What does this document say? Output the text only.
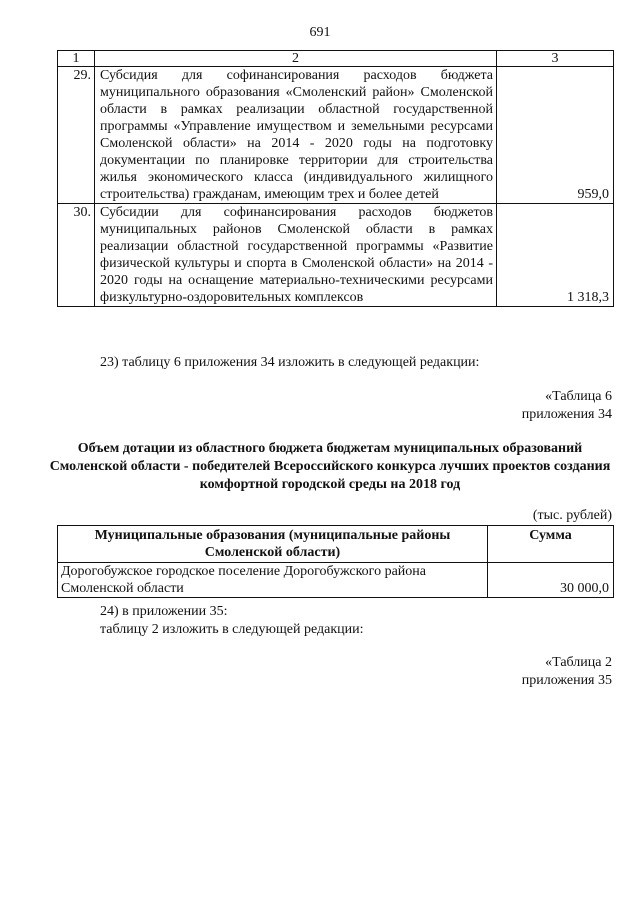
691
1	2	3
29.	Субсидия для софинансирования расходов бюджета муниципального образования «Смоленский район» Смоленской области в рамках реализации областной государственной программы «Управление имуществом и земельными ресурсами Смоленской области» на 2014 - 2020 годы на подготовку документации по планировке территории для строительства жилья экономического класса (индивидуального жилищного строительства) гражданам, имеющим трех и более детей	959,0
30.	Субсидии для софинансирования расходов бюджетов муниципальных районов Смоленской области в рамках реализации областной государственной программы «Развитие физической культуры и спорта в Смоленской области» на 2014 - 2020 годы на оснащение материально-техническими ресурсами физкультурно-оздоровительных комплексов	1 318,3
23) таблицу 6 приложения 34 изложить в следующей редакции:
«Таблица 6
приложения 34
Объем дотации из областного бюджета бюджетам муниципальных образований Смоленской области - победителей Всероссийского конкурса лучших проектов создания комфортной городской среды на 2018 год
(тыс. рублей)
Муниципальные образования (муниципальные районы Смоленской области)	Сумма
Дорогобужское городское поселение Дорогобужского района Смоленской области	30 000,0
24) в приложении 35:
таблицу 2 изложить в следующей редакции:
«Таблица 2
приложения 35
